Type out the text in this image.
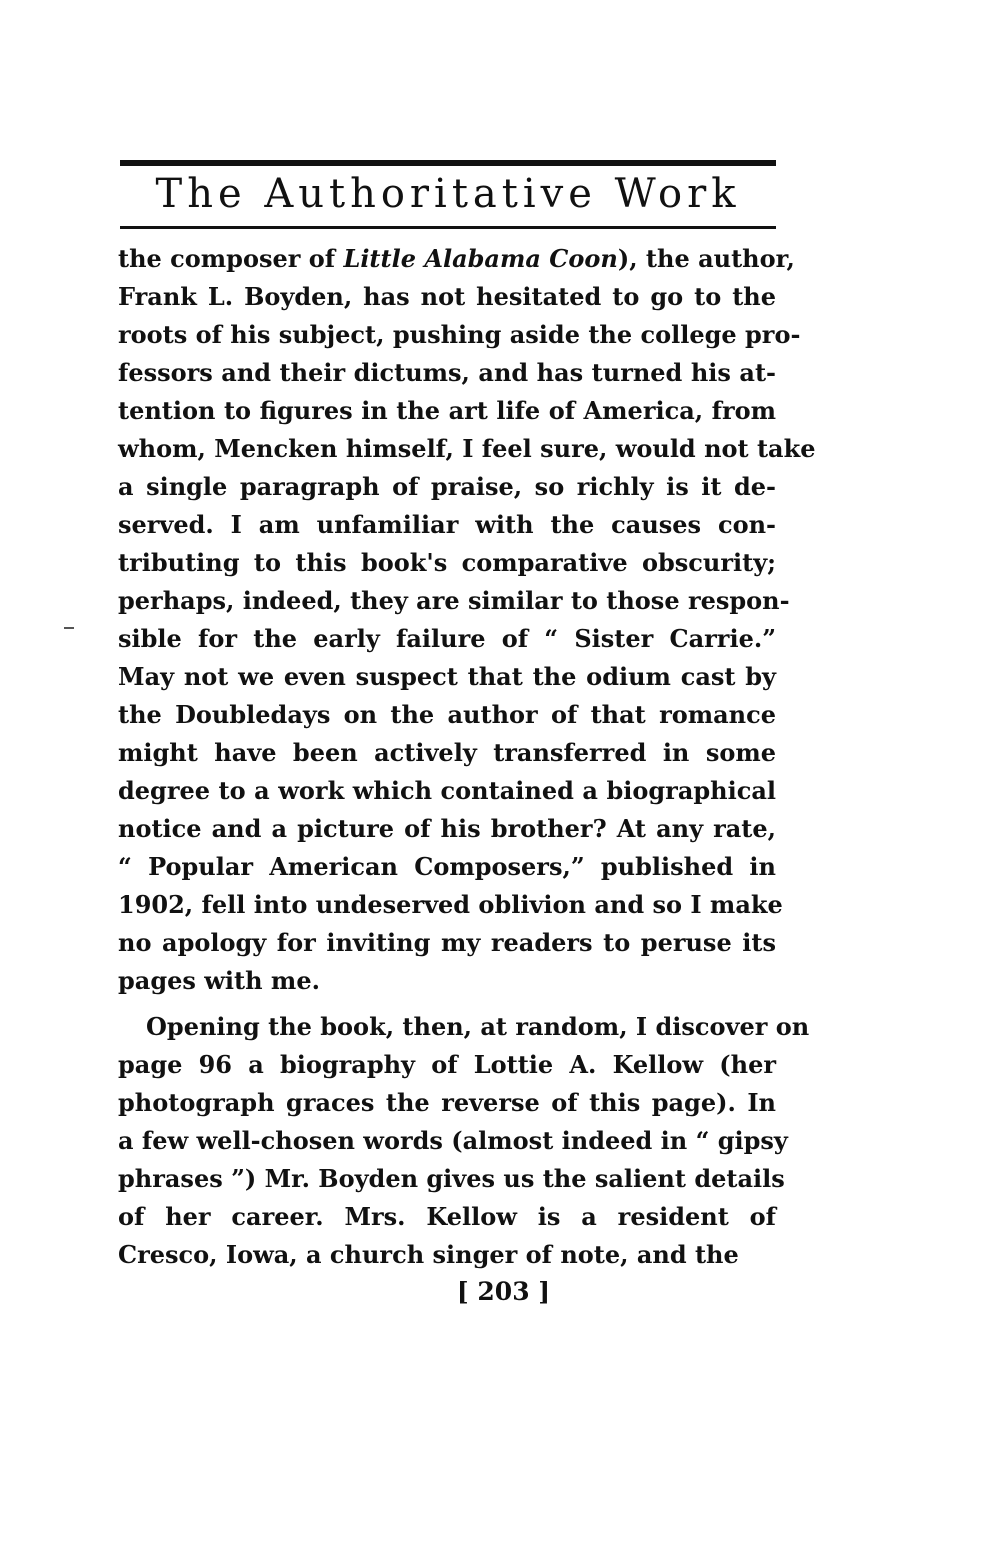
The Authoritative Work
the composer of Little Alabama Coon), the author,
Frank L. Boyden, has not hesitated to go to the
roots of his subject, pushing aside the college pro-
fessors and their dictums, and has turned his at-
tention to figures in the art life of America, from
whom, Mencken himself, I feel sure, would not take
a single paragraph of praise, so richly is it de-
served. I am unfamiliar with the causes con-
tributing to this book's comparative obscurity;
perhaps, indeed, they are similar to those respon-
sible for the early failure of “ Sister Carrie.”
May not we even suspect that the odium cast by
the Doubledays on the author of that romance
might have been actively transferred in some
degree to a work which contained a biographical
notice and a picture of his brother? At any rate,
“ Popular American Composers,” published in
1902, fell into undeserved oblivion and so I make
no apology for inviting my readers to peruse its
pages with me.
Opening the book, then, at random, I discover on
page 96 a biography of Lottie A. Kellow (her
photograph graces the reverse of this page). In
a few well-chosen words (almost indeed in “ gipsy
phrases ”) Mr. Boyden gives us the salient details
of her career. Mrs. Kellow is a resident of
Cresco, Iowa, a church singer of note, and the
[ 203 ]
